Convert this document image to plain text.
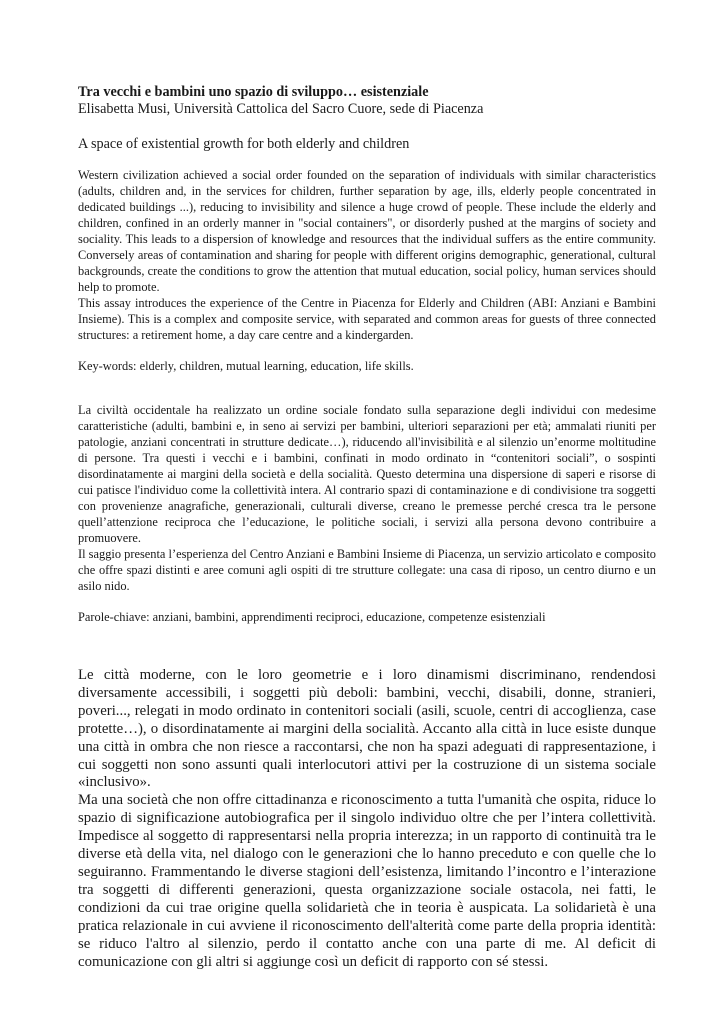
Tra vecchi e bambini uno spazio di sviluppo… esistenziale

Elisabetta Musi, Università Cattolica del Sacro Cuore, sede di Piacenza

A space of existential growth for both elderly and children

Western civilization achieved a social order founded on the separation of individuals with similar characteristics (adults, children and, in the services for children, further separation by age, ills, elderly people concentrated in dedicated buildings ...), reducing to invisibility and silence a huge crowd of people. These include the elderly and children, confined in an orderly manner in "social containers", or disorderly pushed at the margins of society and sociality. This leads to a dispersion of knowledge and resources that the individual suffers as the entire community. Conversely areas of contamination and sharing for people with different origins demographic, generational, cultural backgrounds, create the conditions to grow the attention that mutual education, social policy, human services should help to promote.

This assay introduces the experience of the Centre in Piacenza for Elderly and Children (ABI: Anziani e Bambini Insieme). This is a complex and composite service, with separated and common areas for guests of three connected structures: a retirement home, a day care centre and a kindergarden.

Key-words: elderly, children, mutual learning, education, life skills.

La civiltà occidentale ha realizzato un ordine sociale fondato sulla separazione degli individui con medesime caratteristiche (adulti, bambini e, in seno ai servizi per bambini, ulteriori separazioni per età; ammalati riuniti per patologie, anziani concentrati in strutture dedicate…), riducendo all'invisibilità e al silenzio un’enorme moltitudine di persone. Tra questi i vecchi e i bambini, confinati in modo ordinato in “contenitori sociali”, o sospinti disordinatamente ai margini della società e della socialità. Questo determina una dispersione di saperi e risorse di cui patisce l'individuo come la collettività intera. Al contrario spazi di contaminazione e di condivisione tra soggetti con provenienze anagrafiche, generazionali, culturali diverse, creano le premesse perché cresca tra le persone quell’attenzione reciproca che l’educazione, le politiche sociali, i servizi alla persona devono contribuire a promuovere.

Il saggio presenta l’esperienza del Centro Anziani e Bambini Insieme di Piacenza, un servizio articolato e composito che offre spazi distinti e aree comuni agli ospiti di tre strutture collegate: una casa di riposo, un centro diurno e un asilo nido.

Parole-chiave: anziani, bambini, apprendimenti reciproci, educazione, competenze esistenziali

Le città moderne, con le loro geometrie e i loro dinamismi discriminano, rendendosi diversamente accessibili, i soggetti più deboli: bambini, vecchi, disabili, donne, stranieri, poveri..., relegati in modo ordinato in contenitori sociali (asili, scuole, centri di accoglienza, case protette…), o disordinatamente ai margini della socialità. Accanto alla città in luce esiste dunque una città in ombra che non riesce a raccontarsi, che non ha spazi adeguati di rappresentazione, i cui soggetti non sono assunti quali interlocutori attivi per la costruzione di un sistema sociale «inclusivo».

Ma una società che non offre cittadinanza e riconoscimento a tutta l'umanità che ospita, riduce lo spazio di significazione autobiografica per il singolo individuo oltre che per l’intera collettività. Impedisce al soggetto di rappresentarsi nella propria interezza; in un rapporto di continuità tra le diverse età della vita, nel dialogo con le generazioni che lo hanno preceduto e con quelle che lo seguiranno. Frammentando le diverse stagioni dell’esistenza, limitando l’incontro e l’interazione tra soggetti di differenti generazioni, questa organizzazione sociale ostacola, nei fatti, le condizioni da cui trae origine quella solidarietà che in teoria è auspicata. La solidarietà è una pratica relazionale in cui avviene il riconoscimento dell'alterità come parte della propria identità: se riduco l'altro al silenzio, perdo il contatto anche con una parte di me. Al deficit di comunicazione con gli altri si aggiunge così un deficit di rapporto con sé stessi.
